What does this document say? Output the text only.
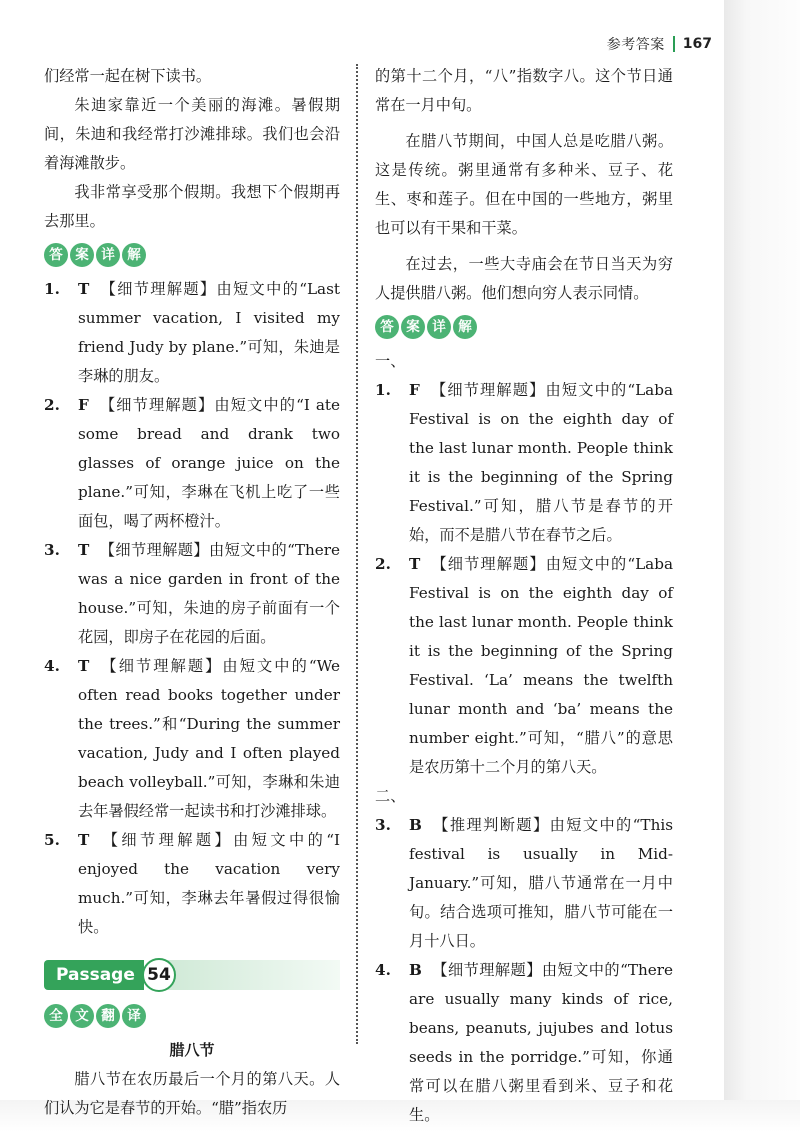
参考答案 167

们经常一起在树下读书。

朱迪家靠近一个美丽的海滩。暑假期间，朱迪和我经常打沙滩排球。我们也会沿着海滩散步。

我非常享受那个假期。我想下个假期再去那里。

答 案 详 解
1.	T 【细节理解题】由短文中的“Last summer vacation, I visited my friend Judy by plane.”可知，朱迪是李琳的朋友。
2.	F 【细节理解题】由短文中的“I ate some bread and drank two glasses of orange juice on the plane.”可知，李琳在飞机上吃了一些面包，喝了两杯橙汁。
3.	T 【细节理解题】由短文中的“There was a nice garden in front of the house.”可知，朱迪的房子前面有一个花园，即房子在花园的后面。
4.	T 【细节理解题】由短文中的“We often read books together under the trees.”和“During the summer vacation, Judy and I often played beach volleyball.”可知，李琳和朱迪去年暑假经常一起读书和打沙滩排球。
5.	T 【细节理解题】由短文中的“I enjoyed the vacation very much.”可知，李琳去年暑假过得很愉快。
Passage 54
全 文 翻 译

腊八节

腊八节在农历最后一个月的第八天。人们认为它是春节的开始。“腊”指农历

的第十二个月，“八”指数字八。这个节日通常在一月中旬。

在腊八节期间，中国人总是吃腊八粥。这是传统。粥里通常有多种米、豆子、花生、枣和莲子。但在中国的一些地方，粥里也可以有干果和干菜。

在过去，一些大寺庙会在节日当天为穷人提供腊八粥。他们想向穷人表示同情。

答 案 详 解

一、

1.	F 【细节理解题】由短文中的“Laba Festival is on the eighth day of the last lunar month. People think it is the beginning of the Spring Festival.”可知，腊八节是春节的开始，而不是腊八节在春节之后。
2.	T 【细节理解题】由短文中的“Laba Festival is on the eighth day of the last lunar month. People think it is the beginning of the Spring Festival. ‘La’ means the twelfth lunar month and ‘ba’ means the number eight.”可知，“腊八”的意思是农历第十二个月的第八天。

二、

3.	B 【推理判断题】由短文中的“This festival is usually in Mid-January.”可知，腊八节通常在一月中旬。结合选项可推知，腊八节可能在一月十八日。
4.	B 【细节理解题】由短文中的“There are usually many kinds of rice, beans, peanuts, jujubes and lotus seeds in the porridge.”可知，你通常可以在腊八粥里看到米、豆子和花生。
